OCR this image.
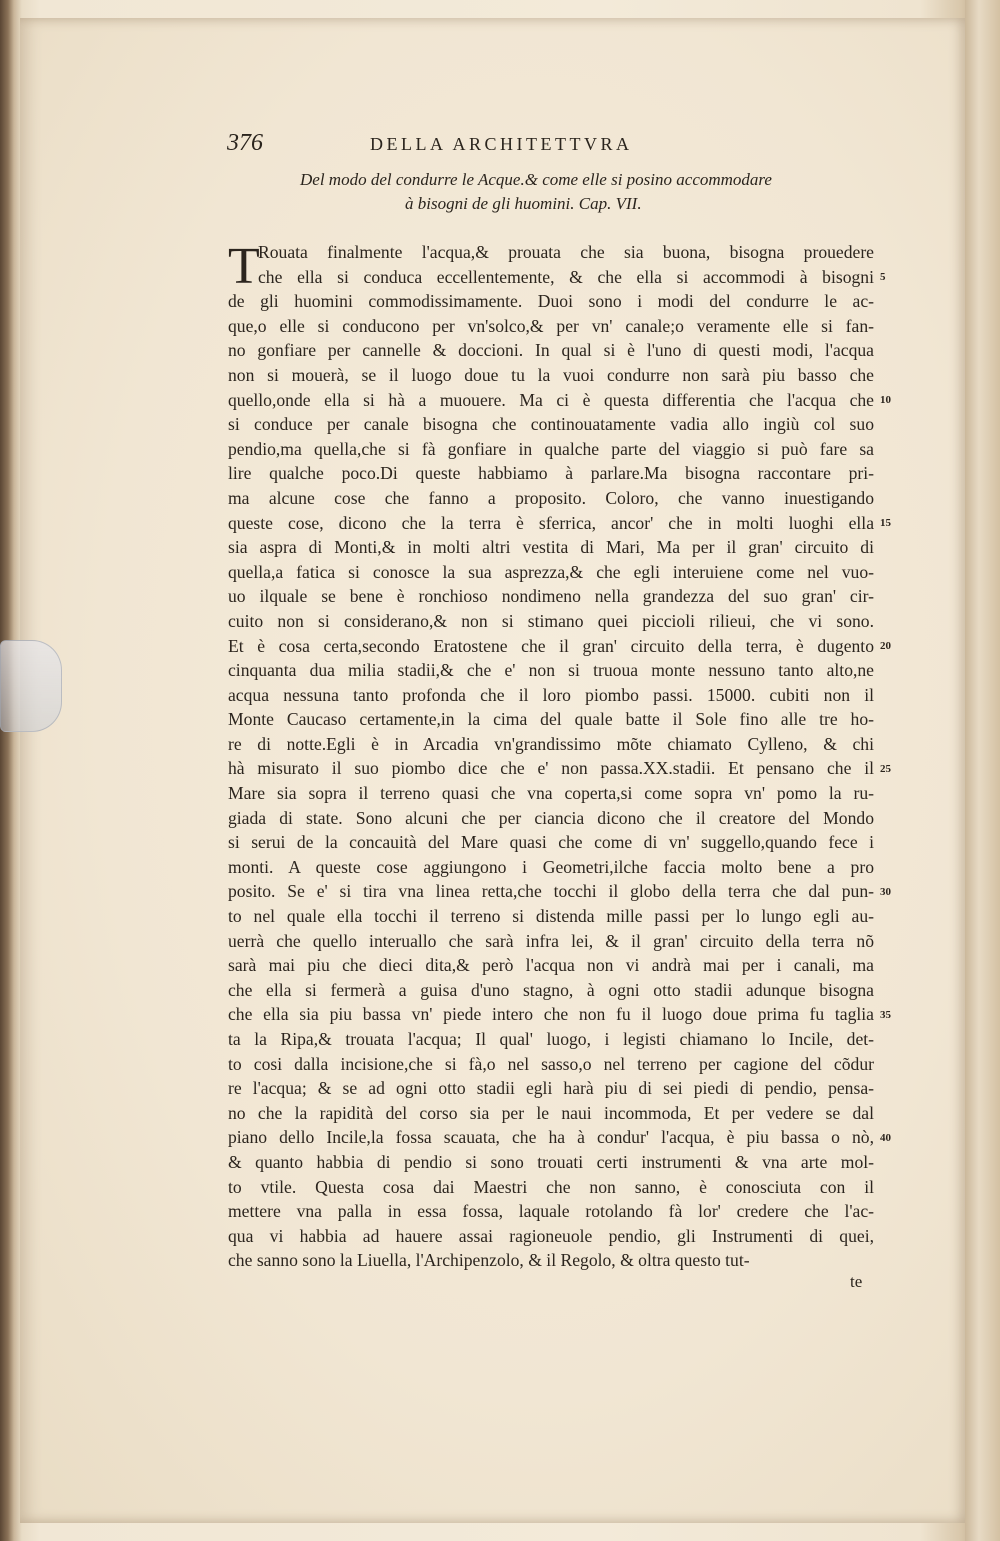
376	DELLA ARCHITETTVRA
Del modo del condurre le Acque.& come elle si posino accommodare
à bisogni de gli huomini. Cap. VII.
T
Rouata finalmente l'acqua,& prouata che sia buona, bisogna prouedere
che ella si conduca eccellentemente, & che ella si accommodi à bisogni
de gli huomini commodissimamente. Duoi sono i modi del condurre le ac-
que,o elle si conducono per vn'solco,& per vn' canale;o veramente elle si fan-
no gonfiare per cannelle & doccioni. In qual si è l'uno di questi modi, l'acqua
non si mouerà, se il luogo doue tu la vuoi condurre non sarà piu basso che
quello,onde ella si hà a muouere. Ma ci è questa differentia che l'acqua che
si conduce per canale bisogna che continouatamente vadia allo ingiù col suo
pendio,ma quella,che si fà gonfiare in qualche parte del viaggio si può fare sa
lire qualche poco.Di queste habbiamo à parlare.Ma bisogna raccontare pri-
ma alcune cose che fanno a proposito. Coloro, che vanno inuestigando
queste cose, dicono che la terra è sferrica, ancor' che in molti luoghi ella
sia aspra di Monti,& in molti altri vestita di Mari, Ma per il gran' circuito di
quella,a fatica si conosce la sua asprezza,& che egli interuiene come nel vuo-
uo ilquale se bene è ronchioso nondimeno nella grandezza del suo gran' cir-
cuito non si considerano,& non si stimano quei piccioli rilieui, che vi sono.
Et è cosa certa,secondo Eratostene che il gran' circuito della terra, è dugento
cinquanta dua milia stadii,& che e' non si truoua monte nessuno tanto alto,ne
acqua nessuna tanto profonda che il loro piombo passi. 15000. cubiti non il
Monte Caucaso certamente,in la cima del quale batte il Sole fino alle tre ho-
re di notte.Egli è in Arcadia vn'grandissimo mõte chiamato Cylleno, & chi
hà misurato il suo piombo dice che e' non passa.XX.stadii. Et pensano che il
Mare sia sopra il terreno quasi che vna coperta,si come sopra vn' pomo la ru-
giada di state. Sono alcuni che per ciancia dicono che il creatore del Mondo
si serui de la concauità del Mare quasi che come di vn' suggello,quando fece i
monti. A queste cose aggiungono i Geometri,ilche faccia molto bene a pro
posito. Se e' si tira vna linea retta,che tocchi il globo della terra che dal pun-
to nel quale ella tocchi il terreno si distenda mille passi per lo lungo egli au-
uerrà che quello interuallo che sarà infra lei, & il gran' circuito della terra nõ
sarà mai piu che dieci dita,& però l'acqua non vi andrà mai per i canali, ma
che ella si fermerà a guisa d'uno stagno, à ogni otto stadii adunque bisogna
che ella sia piu bassa vn' piede intero che non fu il luogo doue prima fu taglia
ta la Ripa,& trouata l'acqua; Il qual' luogo, i legisti chiamano lo Incile, det-
to cosi dalla incisione,che si fà,o nel sasso,o nel terreno per cagione del cõdur
re l'acqua; & se ad ogni otto stadii egli harà piu di sei piedi di pendio, pensa-
no che la rapidità del corso sia per le naui incommoda, Et per vedere se dal
piano dello Incile,la fossa scauata, che ha à condur' l'acqua, è piu bassa o nò,
& quanto habbia di pendio si sono trouati certi instrumenti & vna arte mol-
to vtile. Questa cosa dai Maestri che non sanno, è conosciuta con il
mettere vna palla in essa fossa, laquale rotolando fà lor' credere che l'ac-
qua vi habbia ad hauere assai ragioneuole pendio, gli Instrumenti di quei,
che sanno sono la Liuella, l'Archipenzolo, & il Regolo, & oltra questo tut-
te
5
10
15
20
25
30
35
40
